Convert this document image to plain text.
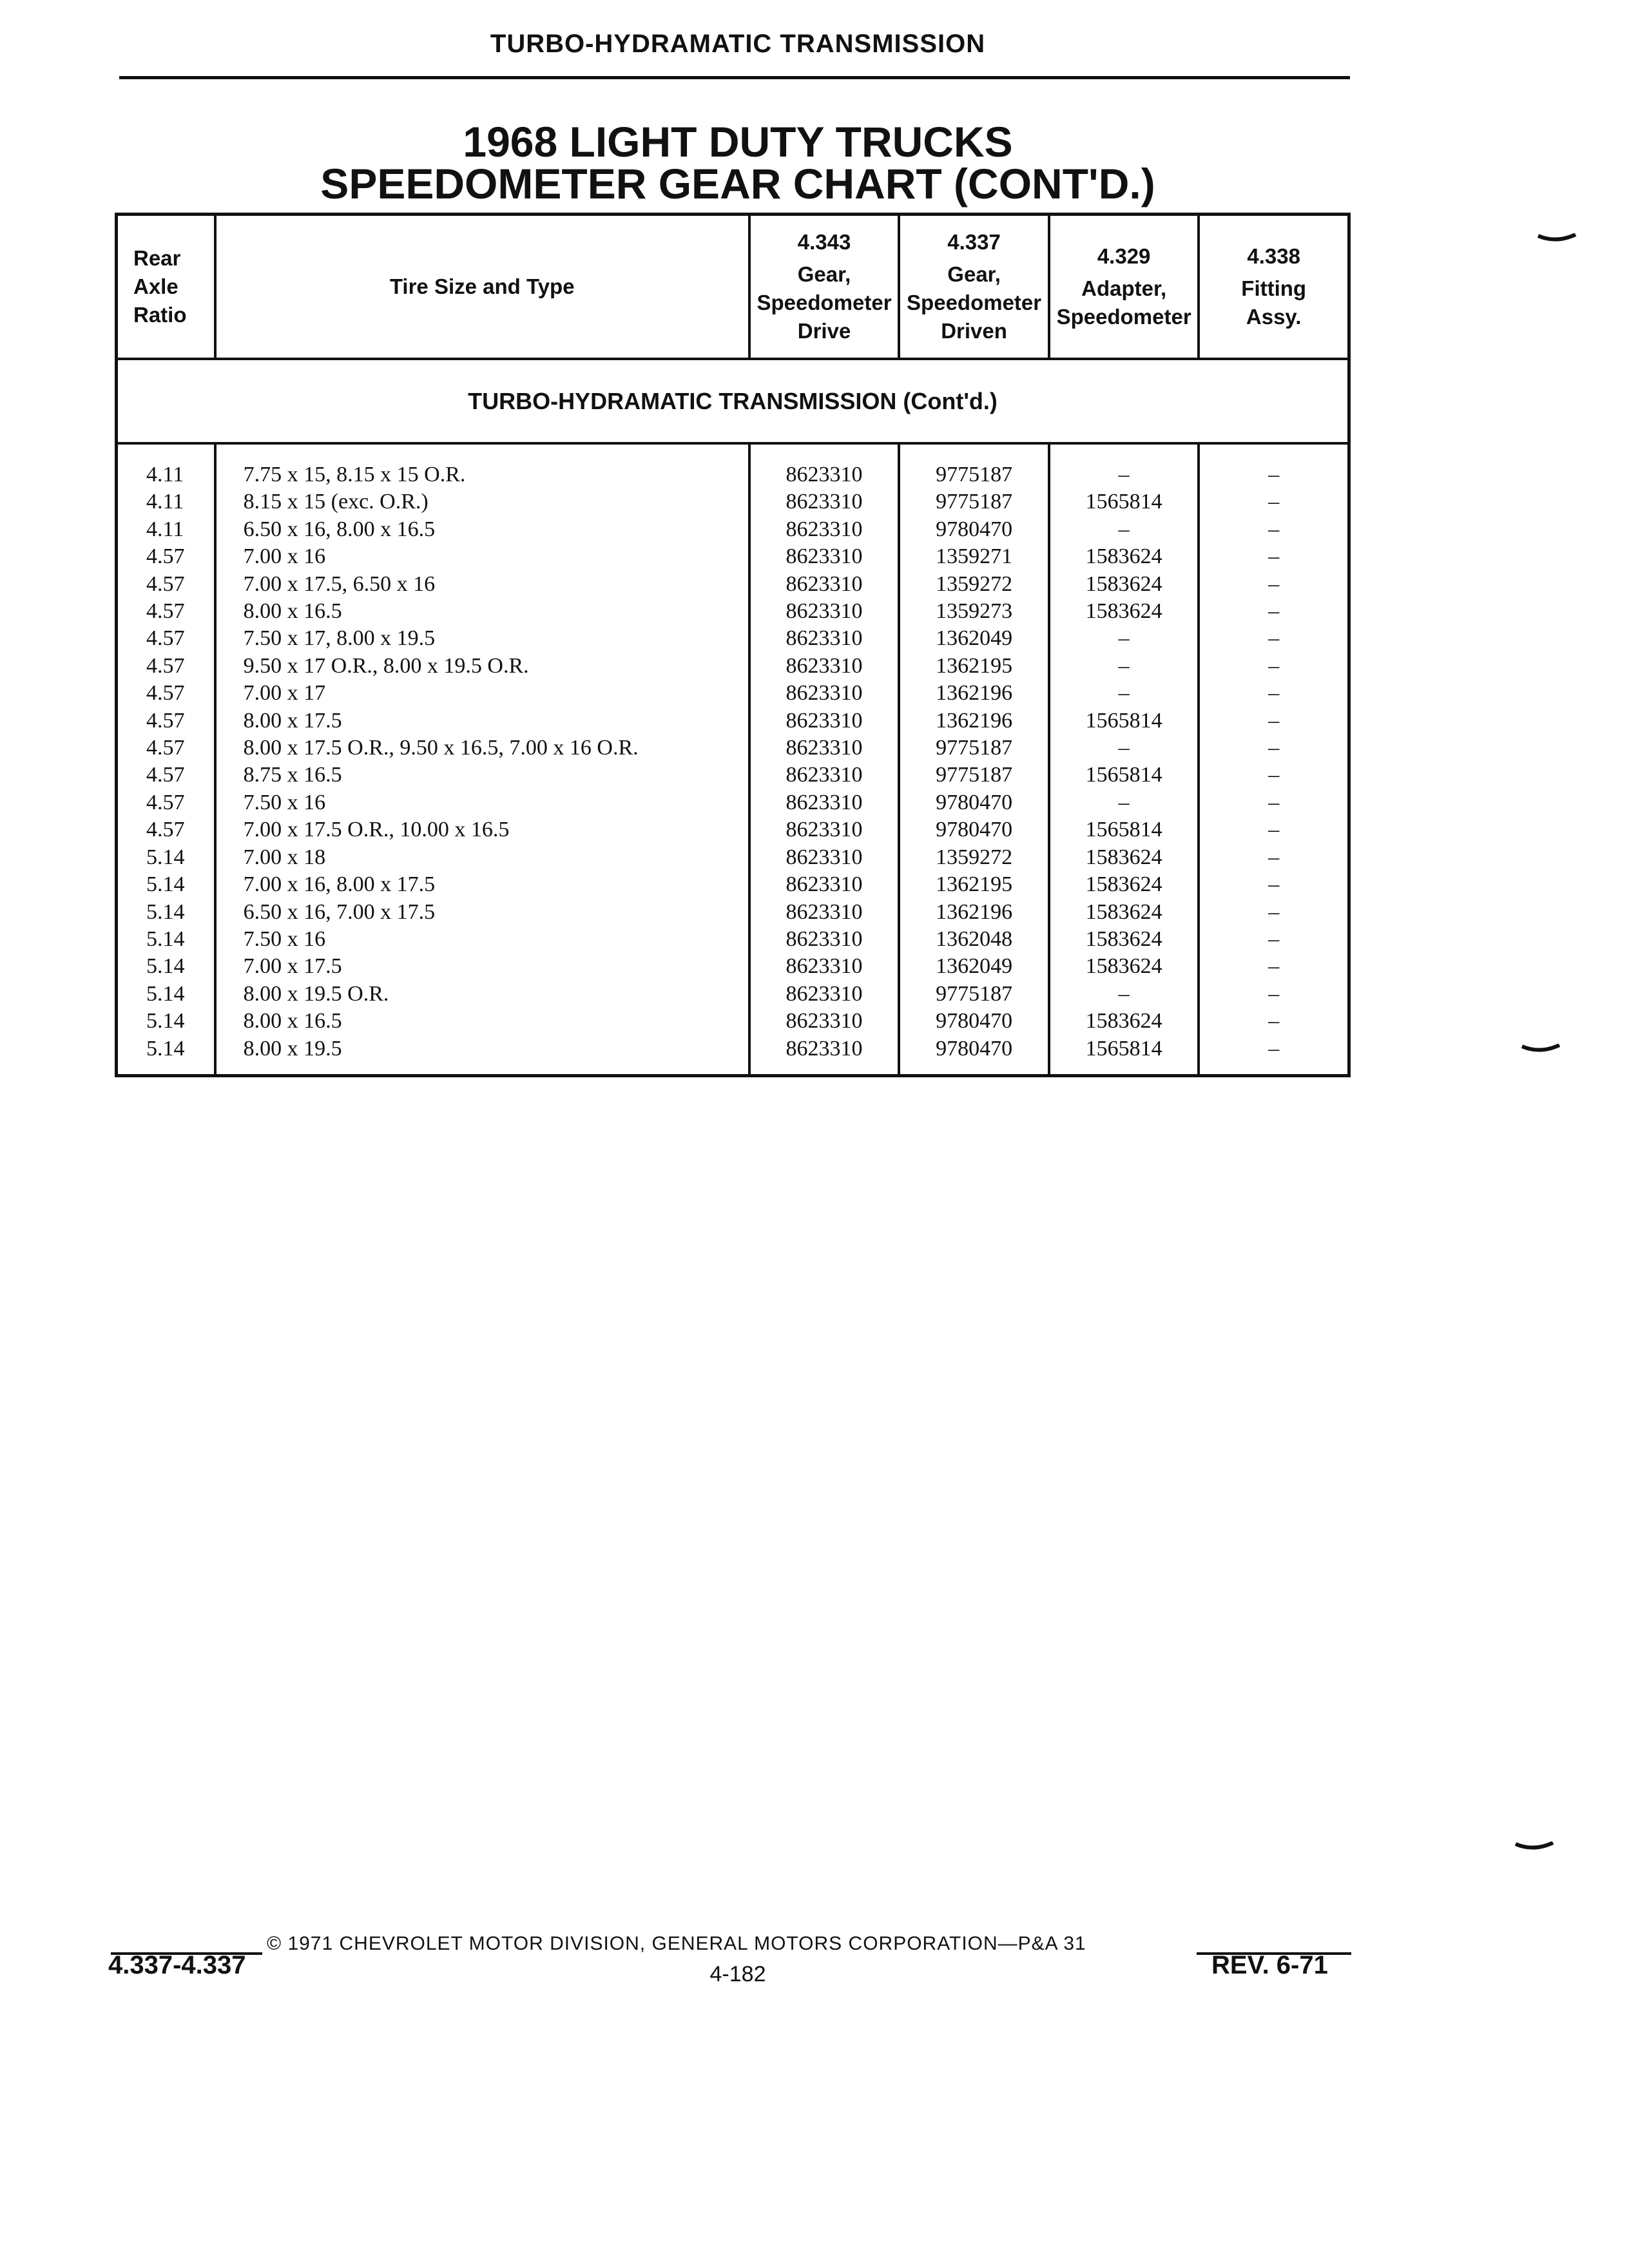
TURBO-HYDRAMATIC TRANSMISSION
1968 LIGHT DUTY TRUCKS
SPEEDOMETER GEAR CHART (CONT'D.)
Rear
Axle
Ratio	Tire Size and Type	4.343
Gear,
Speedometer
Drive	4.337
Gear,
Speedometer
Driven	4.329
Adapter,
Speedometer	4.338
Fitting
Assy.

TURBO-HYDRAMATIC TRANSMISSION (Cont'd.)					
4.11	7.75 x 15, 8.15 x 15 O.R.	8623310	9775187	–	–
4.11	8.15 x 15 (exc. O.R.)	8623310	9775187	1565814	–
4.11	6.50 x 16, 8.00 x 16.5	8623310	9780470	–	–
4.57	7.00 x 16	8623310	1359271	1583624	–
4.57	7.00 x 17.5, 6.50 x 16	8623310	1359272	1583624	–
4.57	8.00 x 16.5	8623310	1359273	1583624	–
4.57	7.50 x 17, 8.00 x 19.5	8623310	1362049	–	–
4.57	9.50 x 17 O.R., 8.00 x 19.5 O.R.	8623310	1362195	–	–
4.57	7.00 x 17	8623310	1362196	–	–
4.57	8.00 x 17.5	8623310	1362196	1565814	–
4.57	8.00 x 17.5 O.R., 9.50 x 16.5, 7.00 x 16 O.R.	8623310	9775187	–	–
4.57	8.75 x 16.5	8623310	9775187	1565814	–
4.57	7.50 x 16	8623310	9780470	–	–
4.57	7.00 x 17.5 O.R., 10.00 x 16.5	8623310	9780470	1565814	–
5.14	7.00 x 18	8623310	1359272	1583624	–
5.14	7.00 x 16, 8.00 x 17.5	8623310	1362195	1583624	–
5.14	6.50 x 16, 7.00 x 17.5	8623310	1362196	1583624	–
5.14	7.50 x 16	8623310	1362048	1583624	–
5.14	7.00 x 17.5	8623310	1362049	1583624	–
5.14	8.00 x 19.5 O.R.	8623310	9775187	–	–
5.14	8.00 x 16.5	8623310	9780470	1583624	–
5.14	8.00 x 19.5	8623310	9780470	1565814	–
© 1971 CHEVROLET MOTOR DIVISION, GENERAL MOTORS CORPORATION—P&A 31
4.337-4.337	4-182	REV. 6-71
